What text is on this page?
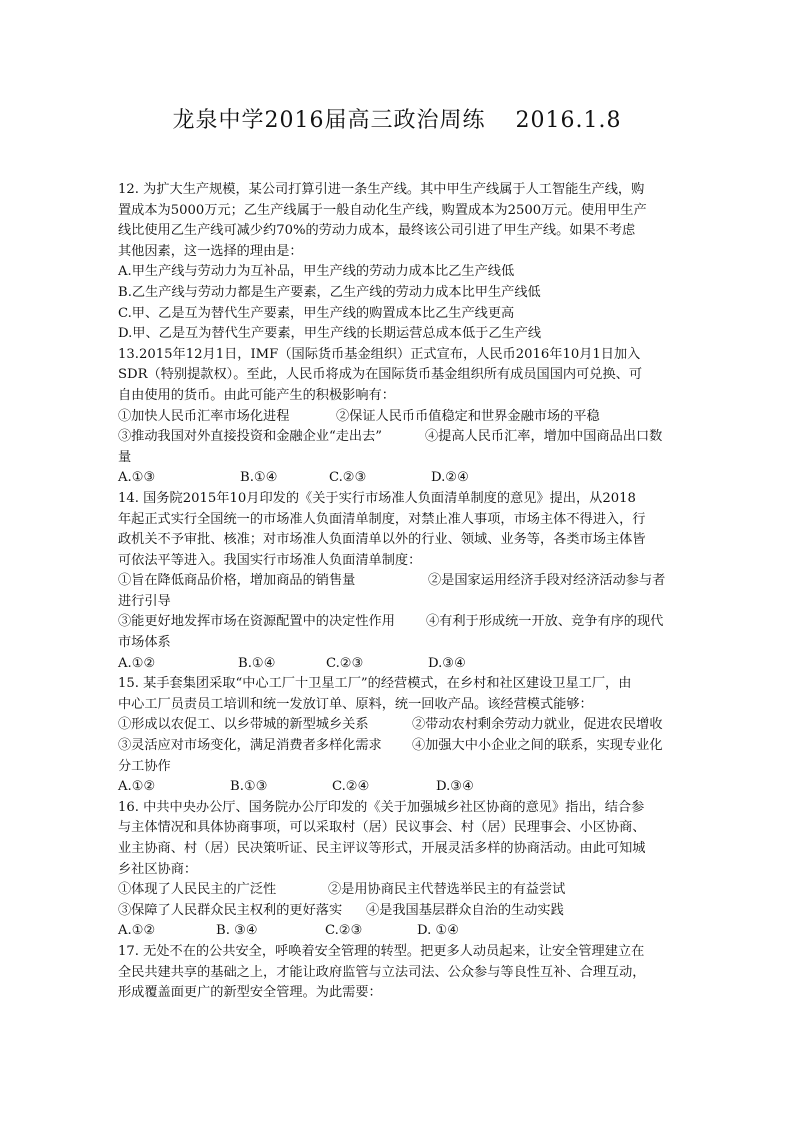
龙泉中学2016届高三政治周练 2016.1.8
12. 为扩大生产规模，某公司打算引进一条生产线。其中甲生产线属于人工智能生产线，购
置成本为5000万元；乙生产线属于一般自动化生产线，购置成本为2500万元。使用甲生产
线比使用乙生产线可减少约70%的劳动力成本，最终该公司引进了甲生产线。如果不考虑
其他因素，这一选择的理由是：
A.甲生产线与劳动力为互补品，甲生产线的劳动力成本比乙生产线低
B.乙生产线与劳动力都是生产要素，乙生产线的劳动力成本比甲生产线低
C.甲、乙是互为替代生产要素，甲生产线的购置成本比乙生产线更高
D.甲、乙是互为替代生产要素，甲生产线的长期运营总成本低于乙生产线
13.2015年12月1日，IMF（国际货币基金组织）正式宣布，人民币2016年10月1日加入
SDR（特别提款权）。至此，人民币将成为在国际货币基金组织所有成员国国内可兑换、可
自由使用的货币。由此可能产生的积极影响有：
①加快人民币汇率市场化进程	②保证人民币币值稳定和世界金融市场的平稳
③推动我国对外直接投资和金融企业“走出去”	④提高人民币汇率，增加中国商品出口数
量
A.①③	B.①④	C.②③	D.②④
14. 国务院2015年10月印发的《关于实行市场准人负面清单制度的意见》提出，从2018
年起正式实行全国统一的市场准人负面清单制度，对禁止准人事项，市场主体不得进入，行
政机关不予审批、核准；对市场准人负面清单以外的行业、领域、业务等，各类市场主体皆
可依法平等进入。我国实行市场准人负面清单制度：
①旨在降低商品价格，增加商品的销售量	②是国家运用经济手段对经济活动参与者
进行引导
③能更好地发挥市场在资源配置中的决定性作用	④有利于形成统一开放、竞争有序的现代
市场体系
A.①②	B.①④	C.②③	D.③④
15. 某手套集团采取“中心工厂十卫星工厂”的经营模式，在乡村和社区建设卫星工厂，由
中心工厂员责员工培训和统一发放订单、原料，统一回收产品。该经营模式能够：
①形成以农促工、以乡带城的新型城乡关系	②带动农村剩余劳动力就业，促进农民增收
③灵活应对市场变化，满足消费者多样化需求	④加强大中小企业之间的联系，实现专业化
分工协作
A.①②	B.①③	C.②④	D.③④
16. 中共中央办公厅、国务院办公厅印发的《关于加强城乡社区协商的意见》指出，结合参
与主体情况和具体协商事项，可以采取村（居）民议事会、村（居）民理事会、小区协商、
业主协商、村（居）民决策听证、民主评议等形式，开展灵活多样的协商活动。由此可知城
乡社区协商：
①体现了人民民主的广泛性	②是用协商民主代替选举民主的有益尝试
③保障了人民群众民主权利的更好落实	④是我国基层群众自治的生动实践
A.①②	B. ③④	C.②③	D. ①④
17. 无处不在的公共安全，呼唤着安全管理的转型。把更多人动员起来，让安全管理建立在
全民共建共享的基础之上，才能让政府监管与立法司法、公众参与等良性互补、合理互动，
形成覆盖面更广的新型安全管理。为此需要：
